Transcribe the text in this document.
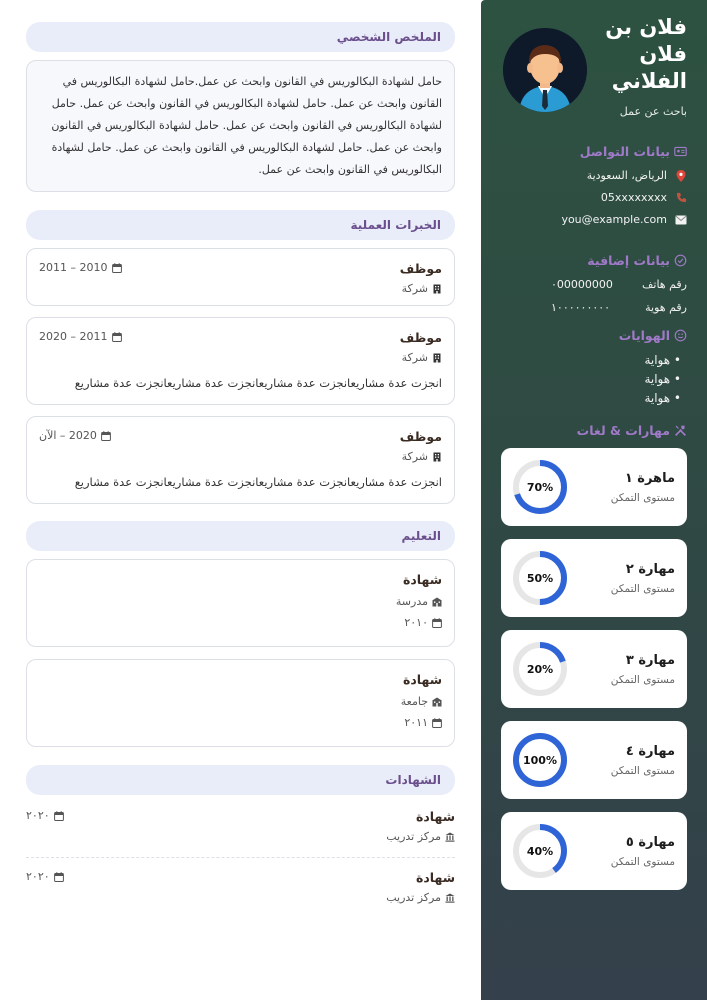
فلان بن
فلان
الفلاني
باحث عن عمل
بيانات التواصل
الرياض، السعودية
05xxxxxxxx
you@example.com
بيانات إضافية
رقم هاتف
٠00000000
رقم هوية
١٠٠٠٠٠٠٠٠٠
الهوايات
• هواية
• هواية
• هواية
مهارات & لغات
ماهرة ١
مستوى التمكن
70%
مهارة ٢
مستوى التمكن
50%
مهارة ٣
مستوى التمكن
20%
مهارة ٤
مستوى التمكن
100%
مهارة ٥
مستوى التمكن
40%
الملخص الشخصي
حامل لشهادة البكالوريس في القانون وابحث عن عمل.حامل لشهادة البكالوريس في القانون وابحث عن عمل. حامل لشهادة البكالوريس في القانون وابحث عن عمل. حامل لشهادة البكالوريس في القانون وابحث عن عمل. حامل لشهادة البكالوريس في القانون وابحث عن عمل. حامل لشهادة البكالوريس في القانون وابحث عن عمل. حامل لشهادة البكالوريس في القانون وابحث عن عمل.
الخبرات العملية
موظف
شركة
2010 – 2011
موظف
شركة
2011 – 2020
انجزت عدة مشاريعانجزت عدة مشاريعانجزت عدة مشاريعانجزت عدة مشاريع
موظف
شركة
2020 – الآن
انجزت عدة مشاريعانجزت عدة مشاريعانجزت عدة مشاريعانجزت عدة مشاريع
التعليم
شهادة
مدرسة
٢٠١٠
شهادة
جامعة
٢٠١١
الشهادات
شهادة
مركز تدريب
٢٠٢٠
شهادة
مركز تدريب
٢٠٢٠
